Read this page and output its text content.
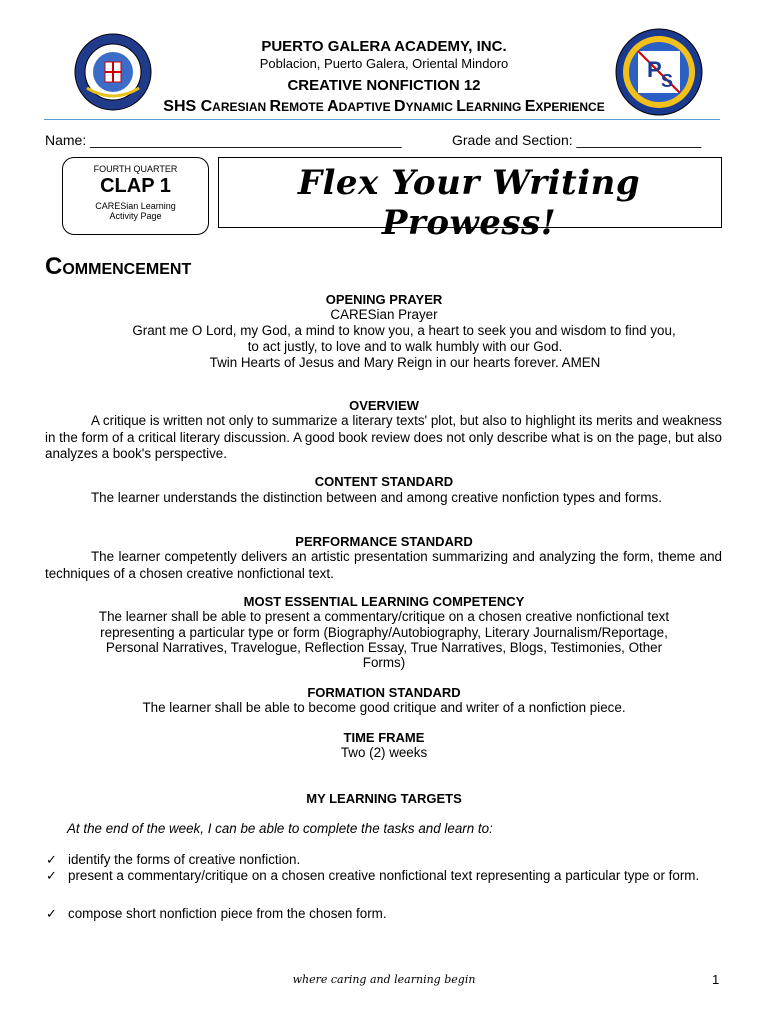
P S
PUERTO GALERA ACADEMY, INC.
Poblacion, Puerto Galera, Oriental Mindoro
CREATIVE NONFICTION 12
SHS CARESIAN REMOTE ADAPTIVE DYNAMIC LEARNING EXPERIENCE
Name: ________________________________________	Grade and Section: ________________
FOURTH QUARTER
CLAP 1
CARESian Learning
Activity Page
Flex Your Writing Prowess!
COMMENCEMENT
OPENING PRAYER
CARESian Prayer
Grant me O Lord, my God, a mind to know you, a heart to seek you and wisdom to find you,
to act justly, to love and to walk humbly with our God.
Twin Hearts of Jesus and Mary Reign in our hearts forever. AMEN
OVERVIEW
A critique is written not only to summarize a literary texts' plot, but also to highlight its merits and weakness in the form of a critical literary discussion. A good book review does not only describe what is on the page, but also analyzes a book's perspective.
CONTENT STANDARD
The learner understands the distinction between and among creative nonfiction types and forms.
PERFORMANCE STANDARD
The learner competently delivers an artistic presentation summarizing and analyzing the form, theme and techniques of a chosen creative nonfictional text.
MOST ESSENTIAL LEARNING COMPETENCY
The learner shall be able to present a commentary/critique on a chosen creative nonfictional text
representing a particular type or form (Biography/Autobiography, Literary Journalism/Reportage,
Personal Narratives, Travelogue, Reflection Essay, True Narratives, Blogs, Testimonies, Other
Forms)
FORMATION STANDARD
The learner shall be able to become good critique and writer of a nonfiction piece.
TIME FRAME
Two (2) weeks
MY LEARNING TARGETS
At the end of the week, I can be able to complete the tasks and learn to:
✓ identify the forms of creative nonfiction.
✓ present a commentary/critique on a chosen creative nonfictional text representing a particular type or form.
✓ compose short nonfiction piece from the chosen form.
where caring and learning begin	1
